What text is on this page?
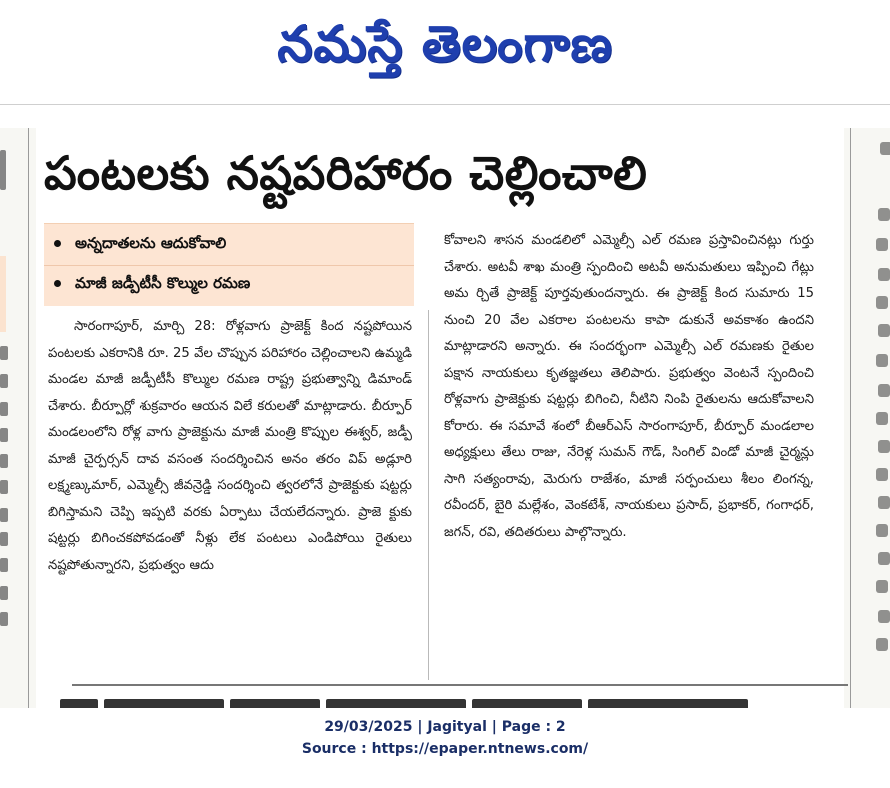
నమస్తే తెలంగాణ
పంటలకు నష్టపరిహారం చెల్లించాలి
అన్నదాతలను ఆదుకోవాలి
మాజీ జడ్పీటీసీ కొల్ముల రమణ
సారంగాపూర్, మార్చి 28: రోళ్లవాగు ప్రాజెక్ట్ కింద నష్టపోయిన పంటలకు ఎకరానికి రూ. 25 వేల చొప్పున పరిహారం చెల్లించాలని ఉమ్మడి మండల మాజీ జడ్పీటీసీ కొల్ముల రమణ రాష్ట్ర ప్రభుత్వాన్ని డిమాండ్ చేశారు. బీర్పూర్లో శుక్రవారం ఆయన విలే కరులతో మాట్లాడారు. బీర్పూర్ మండలంలోని రోళ్ల వాగు ప్రాజెక్టును మాజీ మంత్రి కొప్పుల ఈశ్వర్, జడ్పీ మాజీ చైర్పర్సన్ దావ వసంత సందర్శించిన అనం తరం విప్ అడ్లూరి లక్ష్మణ్కుమార్, ఎమ్మెల్సీ జీవన్రెడ్డి సందర్శించి త్వరలోనే ప్రాజెక్టుకు షట్టర్లు బిగిస్తామని చెప్పి ఇప్పటి వరకు ఏర్పాటు చేయలేదన్నారు. ప్రాజె క్టుకు షట్టర్లు బిగించకపోవడంతో నీళ్లు లేక పంటలు ఎండిపోయి రైతులు నష్టపోతున్నారని, ప్రభుత్వం ఆదు
కోవాలని శాసన మండలిలో ఎమ్మెల్సీ ఎల్ రమణ ప్రస్తావించినట్లు గుర్తు చేశారు. అటవీ శాఖ మంత్రి స్పందించి అటవీ అనుమతులు ఇప్పించి గేట్లు అమ ర్చితే ప్రాజెక్ట్ పూర్తవుతుందన్నారు. ఈ ప్రాజెక్ట్ కింద సుమారు 15 నుంచి 20 వేల ఎకరాల పంటలను కాపా డుకునే అవకాశం ఉందని మాట్లాడారని అన్నారు. ఈ సందర్భంగా ఎమ్మెల్సీ ఎల్ రమణకు రైతుల పక్షాన నాయకులు కృతజ్ఞతలు తెలిపారు. ప్రభుత్వం వెంటనే స్పందించి రోళ్లవాగు ప్రాజెక్టుకు షట్టర్లు బిగించి, నీటిని నింపి రైతులను ఆదుకోవాలని కోరారు. ఈ సమావే శంలో బీఆర్ఎస్ సారంగాపూర్, బీర్పూర్ మండలాల అధ్యక్షులు తేలు రాజు, నేరెళ్ల సుమన్ గౌడ్, సింగిల్ విండో మాజీ చైర్మన్లు సాగి సత్యంరావు, మెరుగు రాజేశం, మాజీ సర్పంచులు శీలం లింగన్న, రవీందర్, బైరి మల్లేశం, వెంకటేశ్, నాయకులు ప్రసాద్, ప్రభాకర్, గంగాధర్, జగన్, రవి, తదితరులు పాల్గొన్నారు.
29/03/2025 | Jagityal | Page : 2
Source : https://epaper.ntnews.com/
